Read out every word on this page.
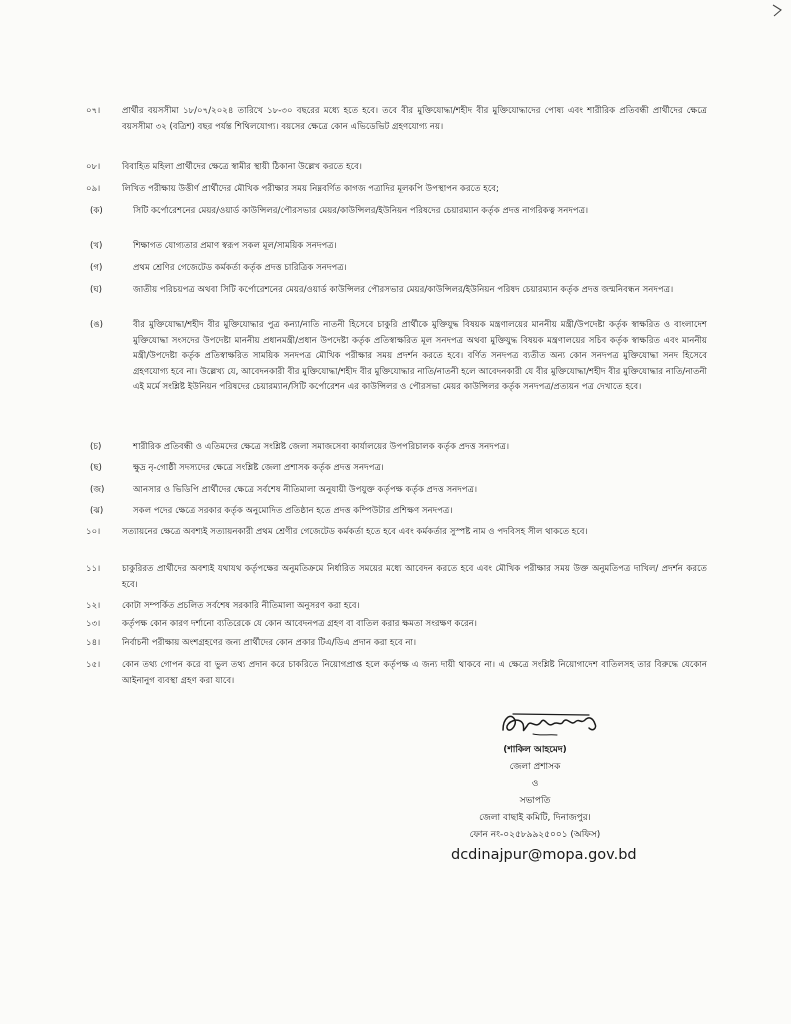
০৭।	প্রার্থীর বয়সসীমা ১৮/০৭/২০২৪ তারিখে ১৮-৩০ বছরের মধ্যে হতে হবে। তবে বীর মুক্তিযোদ্ধা/শহীদ বীর মুক্তিযোদ্ধাদের পোষ্য এবং শারীরিক প্রতিবন্ধী প্রার্থীদের ক্ষেত্রে বয়সসীমা ৩২ (বত্রিশ) বছর পর্যন্ত শিথিলযোগ্য। বয়সের ক্ষেত্রে কোন এভিডেভিট গ্রহণযোগ্য নয়।
০৮।	বিবাহিত মহিলা প্রার্থীদের ক্ষেত্রে স্বামীর স্থায়ী ঠিকানা উল্লেখ করতে হবে।
০৯।	লিখিত পরীক্ষায় উত্তীর্ণ প্রার্থীদের মৌখিক পরীক্ষার সময় নিম্নবর্ণিত কাগজ পত্রাদির মূলকপি উপস্থাপন করতে হবে;
(ক)	সিটি কর্পোরেশনের মেয়র/ওয়ার্ড কাউন্সিলর/পৌরসভার মেয়র/কাউন্সিলর/ইউনিয়ন পরিষদের চেয়ারম্যান কর্তৃক প্রদত্ত নাগরিকত্ব সনদপত্র।
(খ)	শিক্ষাগত যোগ্যতার প্রমাণ স্বরূপ সকল মূল/সাময়িক সনদপত্র।
(গ)	প্রথম শ্রেণির গেজেটেড কর্মকর্তা কর্তৃক প্রদত্ত চারিত্রিক সনদপত্র।
(ঘ)	জাতীয় পরিচয়পত্র অথবা সিটি কর্পোরেশনের মেয়র/ওয়ার্ড কাউন্সিলর পৌরসভার মেয়র/কাউন্সিলর/ইউনিয়ন পরিষদ চেয়ারম্যান কর্তৃক প্রদত্ত জন্মনিবন্ধন সনদপত্র।
(ঙ)	বীর মুক্তিযোদ্ধা/শহীদ বীর মুক্তিযোদ্ধার পুত্র কন্যা/নাতি নাতনী হিসেবে চাকুরি প্রার্থীকে মুক্তিযুদ্ধ বিষয়ক মন্ত্রণালয়ের মাননীয় মন্ত্রী/উপদেষ্টা কর্তৃক স্বাক্ষরিত ও বাংলাদেশ মুক্তিযোদ্ধা সংসদের উপদেষ্টা মাননীয় প্রধানমন্ত্রী/প্রধান উপদেষ্টা কর্তৃক প্রতিস্বাক্ষরিত মূল সনদপত্র অথবা মুক্তিযুদ্ধ বিষয়ক মন্ত্রণালয়ের সচিব কর্তৃক স্বাক্ষরিত এবং মাননীয় মন্ত্রী/উপদেষ্টা কর্তৃক প্রতিস্বাক্ষরিত সাময়িক সনদপত্র মৌখিক পরীক্ষার সময় প্রদর্শন করতে হবে। বর্ণিত সনদপত্র ব্যতীত অন্য কোন সনদপত্র মুক্তিযোদ্ধা সনদ হিসেবে গ্রহণযোগ্য হবে না। উল্লেখ্য যে, আবেদনকারী বীর মুক্তিযোদ্ধা/শহীদ বীর মুক্তিযোদ্ধার নাতি/নাতনী হলে আবেদনকারী যে বীর মুক্তিযোদ্ধা/শহীদ বীর মুক্তিযোদ্ধার নাতি/নাতনী এই মর্মে সংশ্লিষ্ট ইউনিয়ন পরিষদের চেয়ারম্যান/সিটি কর্পোরেশন এর কাউন্সিলর ও পৌরসভা মেয়র কাউন্সিলর কর্তৃক সনদপত্র/প্রত্যয়ন পত্র দেখাতে হবে।
(চ)	শারীরিক প্রতিবন্ধী ও এতিমদের ক্ষেত্রে সংশ্লিষ্ট জেলা সমাজসেবা কার্যালয়ের উপপরিচালক কর্তৃক প্রদত্ত সনদপত্র।
(ছ)	ক্ষুদ্র নৃ-গোষ্ঠী সদস্যদের ক্ষেত্রে সংশ্লিষ্ট জেলা প্রশাসক কর্তৃক প্রদত্ত সনদপত্র।
(জ)	আনসার ও ভিডিপি প্রার্থীদের ক্ষেত্রে সর্বশেষ নীতিমালা অনুযায়ী উপযুক্ত কর্তৃপক্ষ কর্তৃক প্রদত্ত সনদপত্র।
(ঝ)	সকল পদের ক্ষেত্রে সরকার কর্তৃক অনুমোদিত প্রতিষ্ঠান হতে প্রদত্ত কম্পিউটার প্রশিক্ষণ সনদপত্র।
১০।	সত্যায়নের ক্ষেত্রে অবশ্যই সত্যায়নকারী প্রথম শ্রেণীর গেজেটেড কর্মকর্তা হতে হবে এবং কর্মকর্তার সুস্পষ্ট নাম ও পদবিসহ সীল থাকতে হবে।
১১।	চাকুরিরত প্রার্থীদের অবশ্যই যথাযথ কর্তৃপক্ষের অনুমতিক্রমে নির্ধারিত সময়ের মধ্যে আবেদন করতে হবে এবং মৌখিক পরীক্ষার সময় উক্ত অনুমতিপত্র দাখিল/ প্রদর্শন করতে হবে।
১২।	কোটা সম্পর্কিত প্রচলিত সর্বশেষ সরকারি নীতিমালা অনুসরণ করা হবে।
১৩।	কর্তৃপক্ষ কোন কারণ দর্শানো ব্যতিরেকে যে কোন আবেদনপত্র গ্রহণ বা বাতিল করার ক্ষমতা সংরক্ষণ করেন।
১৪।	নির্বাচনী পরীক্ষায় অংশগ্রহণের জন্য প্রার্থীদের কোন প্রকার টিএ/ডিএ প্রদান করা হবে না।
১৫।	কোন তথ্য গোপন করে বা ভুল তথ্য প্রদান করে চাকরিতে নিয়োগপ্রাপ্ত হলে কর্তৃপক্ষ এ জন্য দায়ী থাকবে না। এ ক্ষেত্রে সংশ্লিষ্ট নিয়োগাদেশ বাতিলসহ তার বিরুদ্ধে যেকোন আইনানুগ ব্যবস্থা গ্রহণ করা যাবে।
(শাকিল আহমেদ)
জেলা প্রশাসক
ও
সভাপতি
জেলা বাছাই কমিটি, দিনাজপুর।
ফোন নং-০২৫৮৯৯২৫০০১ (অফিস)
dcdinajpur@mopa.gov.bd
